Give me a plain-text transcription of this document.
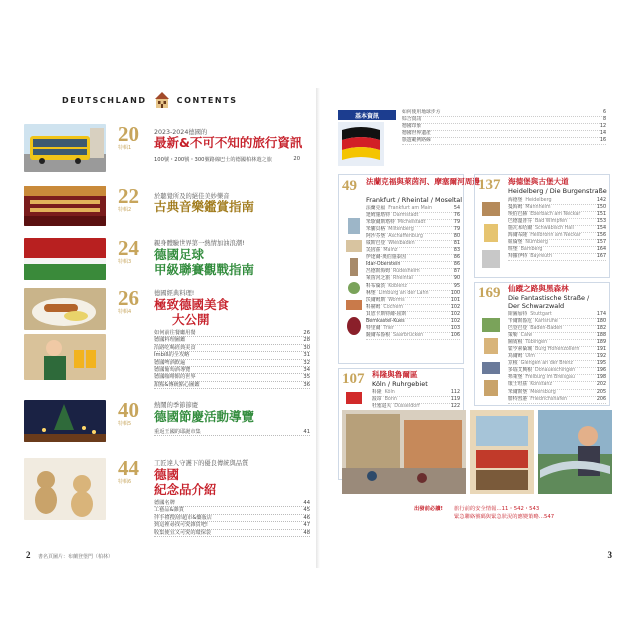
DEUTSCHLAND	CONTENTS
20
特輯1
2023-2024德國的
最新&不可不知的旅行資訊
100號・200號・300號路線巴士的德國柏林遊之旅	20
22
特輯2
於聽覺所及的絕佳美妙樂音
古典音樂鑑賞指南
24
特輯3
親身體驗世界第一熱情加油浪潮!
德國足球
甲級聯賽觀戰指南
26
特輯4
德國經典料理!
極致德國美食
大公開
如何前往餐廳用餐	26
德國料理圖鑑	28
沿路吃喝經典美食	30
Imbiß的全攻略	31
德國啤酒飲遍	32
德國葡萄酒導覽	34
德國咖啡館的世界	35
甜點&傳統點心圖鑑	36
40
特輯5
熱鬧的季節節慶
德國節慶活動導覽
重返王國的耶誕市集	41
44
特輯6
工匠達人守護下的優良傳統與品質
德國
紀念品介紹
德國名牌	44
工藝品&雜貨	45
伴手禮搜刮!超市&藥妝店	46
到這裡尋找可愛雜貨吧!	47
收集便宜又可愛的環保袋	48
2 書名頁圖片：布蘭登堡門（柏林）
基本資訊	如何使用地球步方	6
綜合資訊	8
德國印象	12
德國世界遺產	14
旅遊範例路線	16
49 法蘭克福與萊茵河、摩塞爾河周邊
Frankfurt / Rheintal / Moseltal
法蘭克福 Frankfurt am Main	54
達姆施塔特 Darmstadt	76
米歇爾斯塔特 Michelstadt	79
米騰貝格 Miltenberg	79
阿沙芬堡 Aschaffenburg	80
威斯巴登 Wiesbaden	81
美因茲 Mainz	83
伊達爾-奧伯施泰因	86
Idar-Oberstein	86
呂德斯海姆 Rüdesheim	87
萊茵河之旅 Rheintal	90
科布倫茨 Koblenz	95
林堡 Limburg an der Lahn	100
沃爾姆斯 Worms	101
科赫姆 Cochem	102
貝恩卡斯特爾-屈斯	102
Bernkastel-Kues	102
特里爾 Trier	103
薩爾布魯根 Saarbrücken	106
107 科隆與魯爾區
Köln / Ruhrgebiet
137 海德堡與古堡大道
Heidelberg / Die Burgenstraße
海德堡 Heidelberg	142
曼海姆 Mannheim	150
埃伯巴赫 Eberbach am Neckar	151
巴德溫普芬 Bad Wimpfen	153
施瓦本哈爾 Schwäbisch Hall	154
海爾布隆 Heilbronn am Neckar	156
紐倫堡 Nürnberg	157
班堡 Bamberg	164
拜羅伊特 Bayreuth	167
169 仙蹤之路與黑森林
Die Fantastische Straße /
Der Schwarzwald
斯圖加特 Stuttgart	174
卡爾斯魯厄 Karlsruhe	180
巴登巴登 Baden-Baden	182
策勒 Calw	188
圖賓根 Tübingen	189
霍亨索倫城 Burg Hohenzollern	191
烏爾姆 Ulm	192
京根 Giengen an der Brenz	195
多瑙艾興根 Donaueschingen	196
弗萊堡 Freiburg im Breisgau	198
康士坦茲 Konstanz	202
米爾斯堡 Meersburg	205
腓特烈港 Friedrichshafen	206
科隆 Köln	112
波昂 Bonn	119
杜塞道夫 Düsseldorf	122
出發前必讀! 旅行前的安全情報…11・542・543
緊急聯絡號碼與緊急狀況的應變策略…547
3
